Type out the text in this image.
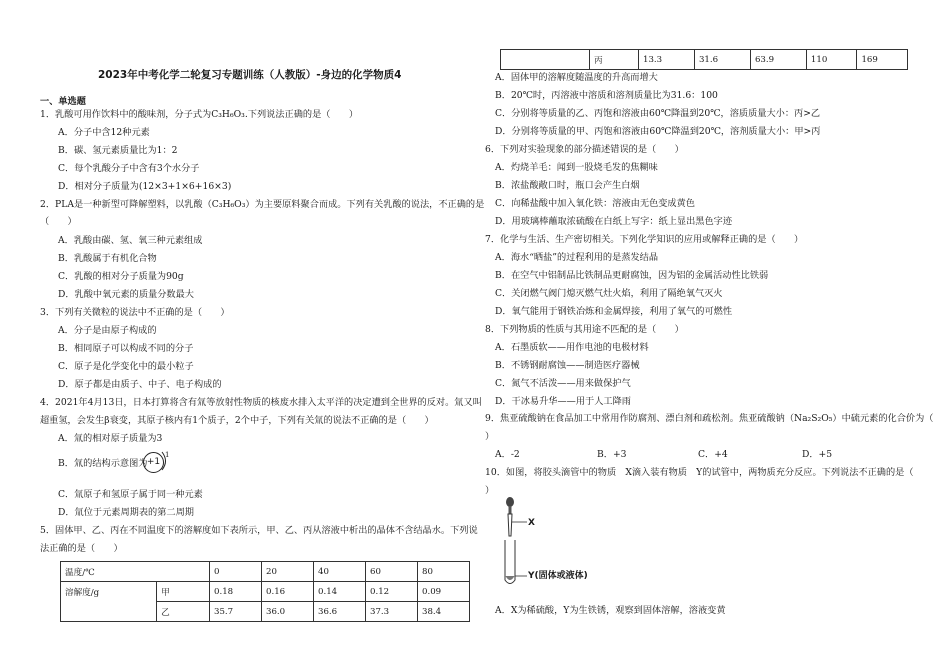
2023年中考化学二轮复习专题训练（人教版）-身边的化学物质4
一、单选题
1．乳酸可用作饮料中的酸味剂，分子式为C₃H₆O₃.下列说法正确的是（　　）
A．分子中含12种元素
B．碳、氢元素质量比为1：2
C．每个乳酸分子中含有3个水分子
D．相对分子质量为(12×3+1×6+16×3)
2．PLA是一种新型可降解塑料，以乳酸（C₃H₆O₃）为主要原料聚合而成。下列有关乳酸的说法，不正确的是
（　　）
A．乳酸由碳、氢、氧三种元素组成
B．乳酸属于有机化合物
C．乳酸的相对分子质量为90g
D．乳酸中氧元素的质量分数最大
3．下列有关微粒的说法中不正确的是（　　）
A．分子是由原子构成的
B．相同原子可以构成不同的分子
C．原子是化学变化中的最小粒子
D．原子都是由质子、中子、电子构成的
4．2021年4月13日，日本打算将含有氚等放射性物质的核废水排入太平洋的决定遭到全世界的反对。氚又叫
超重氢，会发生β衰变，其原子核内有1个质子，2个中子，下列有关氚的说法不正确的是（　　）
A．氚的相对原子质量为3
B．氚的结构示意图为 +1
1
C．氚原子和氢原子属于同一种元素
D．氚位于元素周期表的第二周期
5．固体甲、乙、丙在不同温度下的溶解度如下表所示，甲、乙、丙从溶液中析出的晶体不含结晶水。下列说
法正确的是（　　）
温度/℃		0	20	40	60	80
溶解度/g	甲	0.18	0.16	0.14	0.12	0.09
	乙	35.7	36.0	36.6	37.3	38.4
	丙	13.3	31.6	63.9	110	169
A．固体甲的溶解度随温度的升高而增大
B．20℃时，丙溶液中溶质和溶剂质量比为31.6：100
C．分别将等质量的乙、丙饱和溶液由60℃降温到20℃，溶质质量大小：丙>乙
D．分别将等质量的甲、丙饱和溶液由60℃降温到20℃，溶剂质量大小：甲>丙
6．下列对实验现象的部分描述错误的是（　　）
A．灼烧羊毛：闻到一股烧毛发的焦糊味
B．浓盐酸敞口时，瓶口会产生白烟
C．向稀盐酸中加入氧化铁：溶液由无色变成黄色
D．用玻璃棒蘸取浓硫酸在白纸上写字：纸上显出黑色字迹
7．化学与生活、生产密切相关。下列化学知识的应用或解释正确的是（　　）
A．海水“晒盐”的过程利用的是蒸发结晶
B．在空气中铝制品比铁制品更耐腐蚀，因为铝的金属活动性比铁弱
C．关闭燃气阀门熄灭燃气灶火焰，利用了隔绝氧气灭火
D．氧气能用于钢铁冶炼和金属焊接，利用了氧气的可燃性
8．下列物质的性质与其用途不匹配的是（　　）
A．石墨质软——用作电池的电极材料
B．不锈钢耐腐蚀——制造医疗器械
C．氮气不活泼——用来做保护气
D．干冰易升华——用于人工降雨
9．焦亚硫酸钠在食品加工中常用作防腐剂、漂白剂和疏松剂。焦亚硫酸钠（Na₂S₂O₅）中硫元素的化合价为（
）
A．-2	B．+3	C．+4	D．+5
10．如图，将胶头滴管中的物质　X滴入装有物质　Y的试管中，两物质充分反应。下列说法不正确的是（
）
X
Y(固体或液体)
A．X为稀硫酸，Y为生铁锈，观察到固体溶解，溶液变黄
